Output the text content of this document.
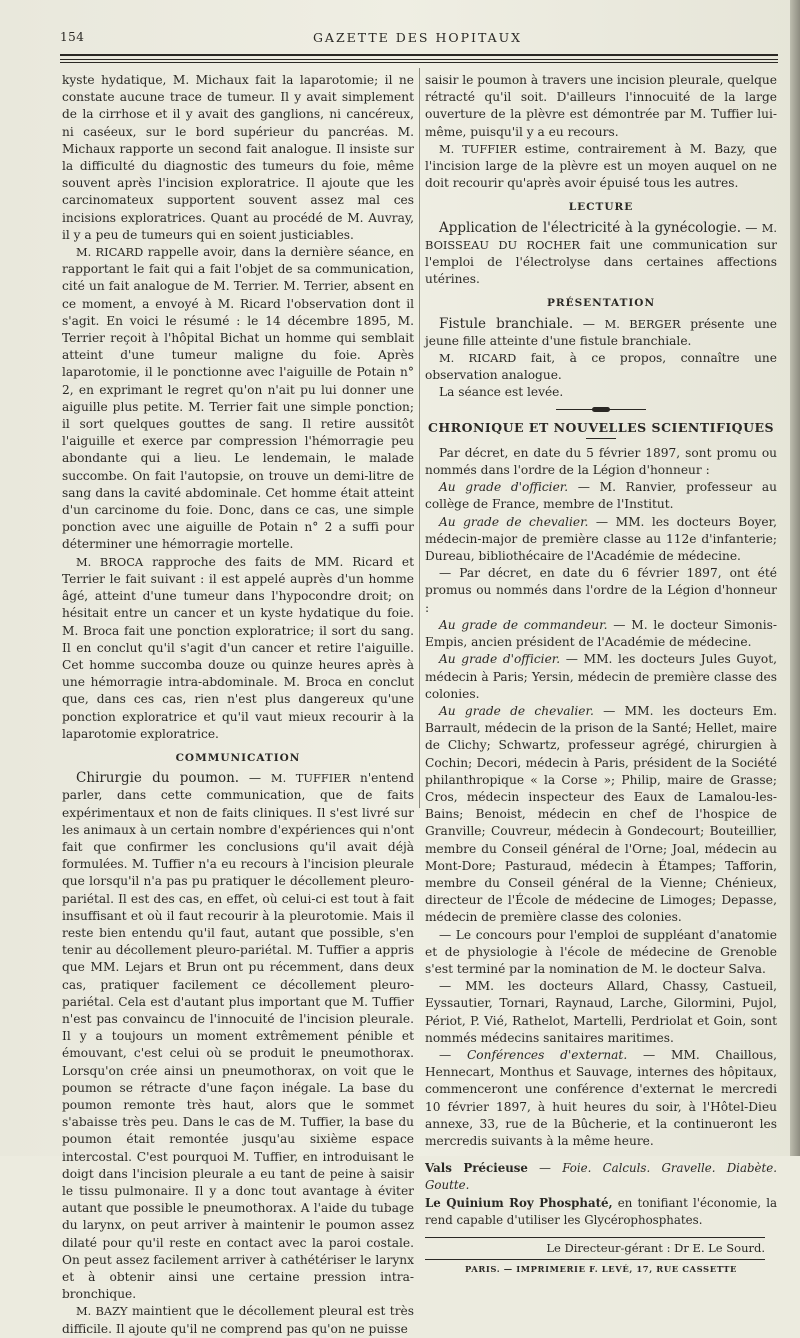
154	GAZETTE DES HOPITAUX

kyste hydatique, M. Michaux fait la laparotomie; il ne constate aucune trace de tumeur. Il y avait simplement de la cirrhose et il y avait des ganglions, ni cancéreux, ni caséeux, sur le bord supérieur du pancréas. M. Michaux rapporte un second fait analogue. Il insiste sur la difficulté du diagnostic des tumeurs du foie, même souvent après l'incision exploratrice. Il ajoute que les carcinomateux supportent souvent assez mal ces incisions exploratrices. Quant au procédé de M. Auvray, il y a peu de tumeurs qui en soient justiciables.

M. RICARD rappelle avoir, dans la dernière séance, en rapportant le fait qui a fait l'objet de sa communication, cité un fait analogue de M. Terrier. M. Terrier, absent en ce moment, a envoyé à M. Ricard l'observation dont il s'agit. En voici le résumé : le 14 décembre 1895, M. Terrier reçoit à l'hôpital Bichat un homme qui semblait atteint d'une tumeur maligne du foie. Après laparotomie, il le ponctionne avec l'aiguille de Potain n° 2, en exprimant le regret qu'on n'ait pu lui donner une aiguille plus petite. M. Terrier fait une simple ponction; il sort quelques gouttes de sang. Il retire aussitôt l'aiguille et exerce par compression l'hémorragie peu abondante qui a lieu. Le lendemain, le malade succombe. On fait l'autopsie, on trouve un demi-litre de sang dans la cavité abdominale. Cet homme était atteint d'un carcinome du foie. Donc, dans ce cas, une simple ponction avec une aiguille de Potain n° 2 a suffi pour déterminer une hémorragie mortelle.

M. BROCA rapproche des faits de MM. Ricard et Terrier le fait suivant : il est appelé auprès d'un homme âgé, atteint d'une tumeur dans l'hypocondre droit; on hésitait entre un cancer et un kyste hydatique du foie. M. Broca fait une ponction exploratrice; il sort du sang. Il en conclut qu'il s'agit d'un cancer et retire l'aiguille. Cet homme succomba douze ou quinze heures après à une hémorragie intra-abdominale. M. Broca en conclut que, dans ces cas, rien n'est plus dangereux qu'une ponction exploratrice et qu'il vaut mieux recourir à la laparotomie exploratrice.

COMMUNICATION

Chirurgie du poumon. — M. TUFFIER n'entend parler, dans cette communication, que de faits expérimentaux et non de faits cliniques. Il s'est livré sur les animaux à un certain nombre d'expériences qui n'ont fait que confirmer les conclusions qu'il avait déjà formulées. M. Tuffier n'a eu recours à l'incision pleurale que lorsqu'il n'a pas pu pratiquer le décollement pleuro-pariétal. Il est des cas, en effet, où celui-ci est tout à fait insuffisant et où il faut recourir à la pleurotomie. Mais il reste bien entendu qu'il faut, autant que possible, s'en tenir au décollement pleuro-pariétal. M. Tuffier a appris que MM. Lejars et Brun ont pu récemment, dans deux cas, pratiquer facilement ce décollement pleuro-pariétal. Cela est d'autant plus important que M. Tuffier n'est pas convaincu de l'innocuité de l'incision pleurale. Il y a toujours un moment extrêmement pénible et émouvant, c'est celui où se produit le pneumothorax. Lorsqu'on crée ainsi un pneumothorax, on voit que le poumon se rétracte d'une façon inégale. La base du poumon remonte très haut, alors que le sommet s'abaisse très peu. Dans le cas de M. Tuffier, la base du poumon était remontée jusqu'au sixième espace intercostal. C'est pourquoi M. Tuffier, en introduisant le doigt dans l'incision pleurale a eu tant de peine à saisir le tissu pulmonaire. Il y a donc tout avantage à éviter autant que possible le pneumothorax. A l'aide du tubage du larynx, on peut arriver à maintenir le poumon assez dilaté pour qu'il reste en contact avec la paroi costale. On peut assez facilement arriver à cathétériser le larynx et à obtenir ainsi une certaine pression intra-bronchique.

M. BAZY maintient que le décollement pleural est très difficile. Il ajoute qu'il ne comprend pas qu'on ne puisse

saisir le poumon à travers une incision pleurale, quelque rétracté qu'il soit. D'ailleurs l'innocuité de la large ouverture de la plèvre est démontrée par M. Tuffier lui-même, puisqu'il y a eu recours.

M. TUFFIER estime, contrairement à M. Bazy, que l'incision large de la plèvre est un moyen auquel on ne doit recourir qu'après avoir épuisé tous les autres.

LECTURE

Application de l'électricité à la gynécologie. — M. BOISSEAU DU ROCHER fait une communication sur l'emploi de l'électrolyse dans certaines affections utérines.

PRÉSENTATION

Fistule branchiale. — M. BERGER présente une jeune fille atteinte d'une fistule branchiale.

M. RICARD fait, à ce propos, connaître une observation analogue.

La séance est levée.

CHRONIQUE ET NOUVELLES SCIENTIFIQUES

Par décret, en date du 5 février 1897, sont promu ou nommés dans l'ordre de la Légion d'honneur :

Au grade d'officier. — M. Ranvier, professeur au collège de France, membre de l'Institut.

Au grade de chevalier. — MM. les docteurs Boyer, médecin-major de première classe au 112e d'infanterie; Dureau, bibliothécaire de l'Académie de médecine.

— Par décret, en date du 6 février 1897, ont été promus ou nommés dans l'ordre de la Légion d'honneur :

Au grade de commandeur. — M. le docteur Simonis-Empis, ancien président de l'Académie de médecine.

Au grade d'officier. — MM. les docteurs Jules Guyot, médecin à Paris; Yersin, médecin de première classe des colonies.

Au grade de chevalier. — MM. les docteurs Em. Barrault, médecin de la prison de la Santé; Hellet, maire de Clichy; Schwartz, professeur agrégé, chirurgien à Cochin; Decori, médecin à Paris, président de la Société philanthropique « la Corse »; Philip, maire de Grasse; Cros, médecin inspecteur des Eaux de Lamalou-les-Bains; Benoist, médecin en chef de l'hospice de Granville; Couvreur, médecin à Gondecourt; Bouteillier, membre du Conseil général de l'Orne; Joal, médecin au Mont-Dore; Pasturaud, médecin à Étampes; Tafforin, membre du Conseil général de la Vienne; Chénieux, directeur de l'École de médecine de Limoges; Depasse, médecin de première classe des colonies.

— Le concours pour l'emploi de suppléant d'anatomie et de physiologie à l'école de médecine de Grenoble s'est terminé par la nomination de M. le docteur Salva.

— MM. les docteurs Allard, Chassy, Castueil, Eyssautier, Tornari, Raynaud, Larche, Gilormini, Pujol, Périot, P. Vié, Rathelot, Martelli, Perdriolat et Goin, sont nommés médecins sanitaires maritimes.

— Conférences d'externat. — MM. Chaillous, Hennecart, Monthus et Sauvage, internes des hôpitaux, commenceront une conférence d'externat le mercredi 10 février 1897, à huit heures du soir, à l'Hôtel-Dieu annexe, 33, rue de la Bûcherie, et la continueront les mercredis suivants à la même heure.

Vals Précieuse — Foie. Calculs. Gravelle. Diabète. Goutte.

Le Quinium Roy Phosphaté, en tonifiant l'économie, la rend capable d'utiliser les Glycérophosphates.

Le Directeur-gérant : Dr E. Le Sourd.
PARIS. — IMPRIMERIE F. LEVÉ, 17, RUE CASSETTE
